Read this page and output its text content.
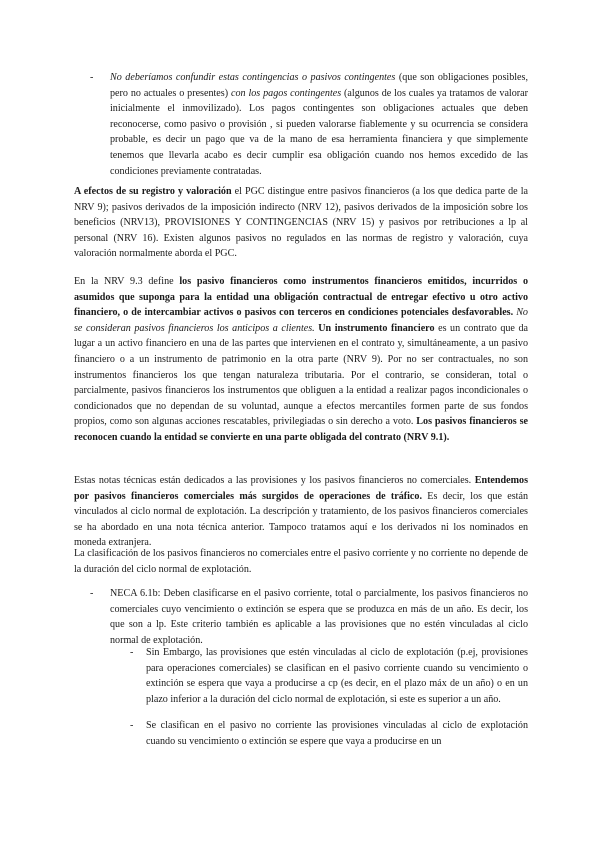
- No deberíamos confundir estas contingencias o pasivos contingentes (que son obligaciones posibles, pero no actuales o presentes) con los pagos contingentes (algunos de los cuales ya tratamos de valorar inicialmente el inmovilizado). Los pagos contingentes son obligaciones actuales que deben reconocerse, como pasivo o provisión , si pueden valorarse fiablemente y su ocurrencia se considera probable, es decir un pago que va de la mano de esa herramienta financiera y que simplemente tenemos que llevarla acabo es decir cumplir esa obligación cuando nos hemos excedido de las condiciones previamente contratadas.

A efectos de su registro y valoración el PGC distingue entre pasivos financieros (a los que dedica parte de la NRV 9); pasivos derivados de la imposición indirecto (NRV 12), pasivos derivados de la imposición sobre los beneficios (NRV13), PROVISIONES Y CONTINGENCIAS (NRV 15) y pasivos por retribuciones a lp al personal (NRV 16). Existen algunos pasivos no regulados en las normas de registro y valoración, cuya valoración normalmente aborda el PGC.

En la NRV 9.3 define los pasivo financieros como instrumentos financieros emitidos, incurridos o asumidos que suponga para la entidad una obligación contractual de entregar efectivo u otro activo financiero, o de intercambiar activos o pasivos con terceros en condiciones potenciales desfavorables. No se consideran pasivos financieros los anticipos a clientes. Un instrumento financiero es un contrato que da lugar a un activo financiero en una de las partes que intervienen en el contrato y, simultáneamente, a un pasivo financiero o a un instrumento de patrimonio en la otra parte (NRV 9). Por no ser contractuales, no son instrumentos financieros los que tengan naturaleza tributaria. Por el contrario, se consideran, total o parcialmente, pasivos financieros los instrumentos que obliguen a la entidad a realizar pagos incondicionales o condicionados que no dependan de su voluntad, aunque a efectos mercantiles formen parte de sus fondos propios, como son algunas acciones rescatables, privilegiadas o sin derecho a voto. Los pasivos financieros se reconocen cuando la entidad se convierte en una parte obligada del contrato (NRV 9.1).

Estas notas técnicas están dedicados a las provisiones y los pasivos financieros no comerciales. Entendemos por pasivos financieros comerciales más surgidos de operaciones de tráfico. Es decir, los que están vinculados al ciclo normal de explotación. La descripción y tratamiento, de los pasivos financieros comerciales se ha abordado en una nota técnica anterior. Tampoco tratamos aquí e los derivados ni los nominados en moneda extranjera.

La clasificación de los pasivos financieros no comerciales entre el pasivo corriente y no corriente no depende de la duración del ciclo normal de explotación.

- NECA 6.1b: Deben clasificarse en el pasivo corriente, total o parcialmente, los pasivos financieros no comerciales cuyo vencimiento o extinción se espera que se produzca en más de un año. Es decir, los que son a lp. Este criterio también es aplicable a las provisiones que no estén vinculadas al ciclo normal de explotación.

- Sin Embargo, las provisiones que estén vinculadas al ciclo de explotación (p.ej, provisiones para operaciones comerciales) se clasifican en el pasivo corriente cuando su vencimiento o extinción se espera que vaya a producirse a cp (es decir, en el plazo máx de un año) o en un plazo inferior a la duración del ciclo normal de explotación, si este es superior a un año.

- Se clasifican en el pasivo no corriente las provisiones vinculadas al ciclo de explotación cuando su vencimiento o extinción se espere que vaya a producirse en un
